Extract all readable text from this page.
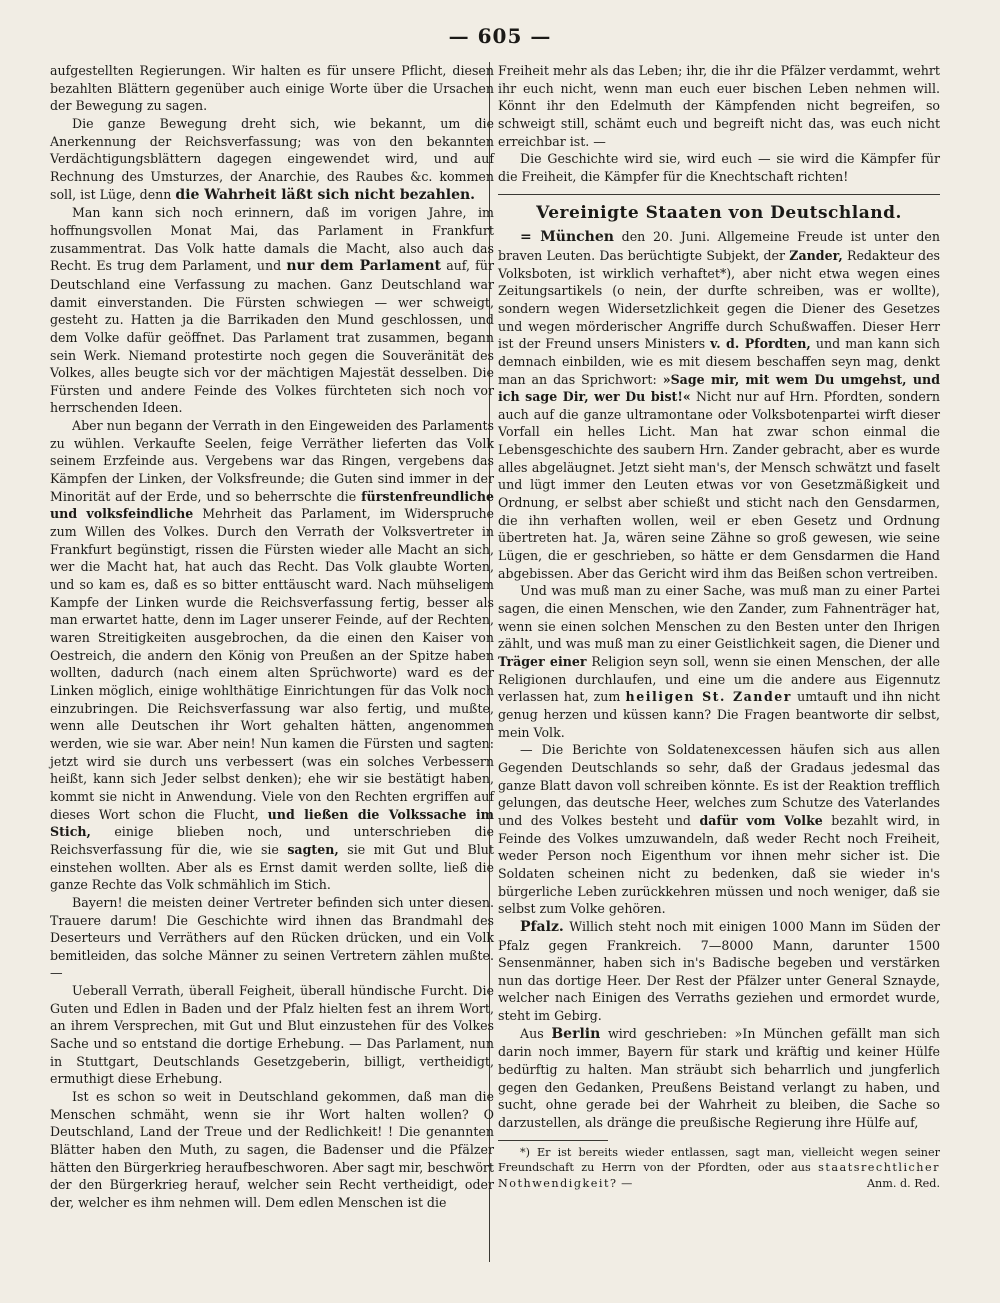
— 605 —

aufgestellten Regierungen. Wir halten es für unsere Pflicht, diesen bezahlten Blättern gegenüber auch einige Worte über die Ursachen der Bewegung zu sagen.

Die ganze Bewegung dreht sich, wie bekannt, um die Anerkennung der Reichsverfassung; was von den bekannten Verdächtigungsblättern dagegen eingewendet wird, und auf Rechnung des Umsturzes, der Anarchie, des Raubes &c. kommen soll, ist Lüge, denn die Wahrheit läßt sich nicht bezahlen.

Man kann sich noch erinnern, daß im vorigen Jahre, im hoffnungsvollen Monat Mai, das Parlament in Frankfurt zusammentrat. Das Volk hatte damals die Macht, also auch das Recht. Es trug dem Parlament, und nur dem Parlament auf, für Deutschland eine Verfassung zu machen. Ganz Deutschland war damit einverstanden. Die Fürsten schwiegen — wer schweigt, gesteht zu. Hatten ja die Barrikaden den Mund geschlossen, und dem Volke dafür geöffnet. Das Parlament trat zusammen, begann sein Werk. Niemand protestirte noch gegen die Souveränität des Volkes, alles beugte sich vor der mächtigen Majestät desselben. Die Fürsten und andere Feinde des Volkes fürchteten sich noch vor herrschenden Ideen.

Aber nun begann der Verrath in den Eingeweiden des Parlaments zu wühlen. Verkaufte Seelen, feige Verräther lieferten das Volk seinem Erzfeinde aus. Vergebens war das Ringen, vergebens das Kämpfen der Linken, der Volksfreunde; die Guten sind immer in der Minorität auf der Erde, und so beherrschte die fürstenfreundliche und volksfeindliche Mehrheit das Parlament, im Widerspruche zum Willen des Volkes. Durch den Verrath der Volksvertreter in Frankfurt begünstigt, rissen die Fürsten wieder alle Macht an sich, wer die Macht hat, hat auch das Recht. Das Volk glaubte Worten, und so kam es, daß es so bitter enttäuscht ward. Nach mühseligem Kampfe der Linken wurde die Reichsverfassung fertig, besser als man erwartet hatte, denn im Lager unserer Feinde, auf der Rechten, waren Streitigkeiten ausgebrochen, da die einen den Kaiser von Oestreich, die andern den König von Preußen an der Spitze haben wollten, dadurch (nach einem alten Sprüchworte) ward es der Linken möglich, einige wohlthätige Einrichtungen für das Volk noch einzubringen. Die Reichsverfassung war also fertig, und mußte, wenn alle Deutschen ihr Wort gehalten hätten, angenommen werden, wie sie war. Aber nein! Nun kamen die Fürsten und sagten: jetzt wird sie durch uns verbessert (was ein solches Verbessern heißt, kann sich Jeder selbst denken); ehe wir sie bestätigt haben, kommt sie nicht in Anwendung. Viele von den Rechten ergriffen auf dieses Wort schon die Flucht, und ließen die Volkssache im Stich, einige blieben noch, und unterschrieben die Reichsverfassung für die, wie sie sagten, sie mit Gut und Blut einstehen wollten. Aber als es Ernst damit werden sollte, ließ die ganze Rechte das Volk schmählich im Stich.

Bayern! die meisten deiner Vertreter befinden sich unter diesen. Trauere darum! Die Geschichte wird ihnen das Brandmahl des Deserteurs und Verräthers auf den Rücken drücken, und ein Volk bemitleiden, das solche Männer zu seinen Vertretern zählen mußte. —

Ueberall Verrath, überall Feigheit, überall hündische Furcht. Die Guten und Edlen in Baden und der Pfalz hielten fest an ihrem Wort, an ihrem Versprechen, mit Gut und Blut einzustehen für des Volkes Sache und so entstand die dortige Erhebung. — Das Parlament, nun in Stuttgart, Deutschlands Gesetzgeberin, billigt, vertheidigt, ermuthigt diese Erhebung.

Ist es schon so weit in Deutschland gekommen, daß man die Menschen schmäht, wenn sie ihr Wort halten wollen? O Deutschland, Land der Treue und der Redlichkeit! ! Die genannten Blätter haben den Muth, zu sagen, die Badenser und die Pfälzer hätten den Bürgerkrieg heraufbeschworen. Aber sagt mir, beschwört der den Bürgerkrieg herauf, welcher sein Recht vertheidigt, oder der, welcher es ihm nehmen will. Dem edlen Menschen ist die

Freiheit mehr als das Leben; ihr, die ihr die Pfälzer verdammt, wehrt ihr euch nicht, wenn man euch euer bischen Leben nehmen will. Könnt ihr den Edelmuth der Kämpfenden nicht begreifen, so schweigt still, schämt euch und begreift nicht das, was euch nicht erreichbar ist. —

Die Geschichte wird sie, wird euch — sie wird die Kämpfer für die Freiheit, die Kämpfer für die Knechtschaft richten!

Vereinigte Staaten von Deutschland.

= München den 20. Juni. Allgemeine Freude ist unter den braven Leuten. Das berüchtigte Subjekt, der Zander, Redakteur des Volksboten, ist wirklich verhaftet*), aber nicht etwa wegen eines Zeitungsartikels (o nein, der durfte schreiben, was er wollte), sondern wegen Widersetzlichkeit gegen die Diener des Gesetzes und wegen mörderischer Angriffe durch Schußwaffen. Dieser Herr ist der Freund unsers Ministers v. d. Pfordten, und man kann sich demnach einbilden, wie es mit diesem beschaffen seyn mag, denkt man an das Sprichwort: »Sage mir, mit wem Du umgehst, und ich sage Dir, wer Du bist!« Nicht nur auf Hrn. Pfordten, sondern auch auf die ganze ultramontane oder Volksbotenpartei wirft dieser Vorfall ein helles Licht. Man hat zwar schon einmal die Lebensgeschichte des saubern Hrn. Zander gebracht, aber es wurde alles abgeläugnet. Jetzt sieht man's, der Mensch schwätzt und faselt und lügt immer den Leuten etwas vor von Gesetzmäßigkeit und Ordnung, er selbst aber schießt und sticht nach den Gensdarmen, die ihn verhaften wollen, weil er eben Gesetz und Ordnung übertreten hat. Ja, wären seine Zähne so groß gewesen, wie seine Lügen, die er geschrieben, so hätte er dem Gensdarmen die Hand abgebissen. Aber das Gericht wird ihm das Beißen schon vertreiben.

Und was muß man zu einer Sache, was muß man zu einer Partei sagen, die einen Menschen, wie den Zander, zum Fahnenträger hat, wenn sie einen solchen Menschen zu den Besten unter den Ihrigen zählt, und was muß man zu einer Geistlichkeit sagen, die Diener und Träger einer Religion seyn soll, wenn sie einen Menschen, der alle Religionen durchlaufen, und eine um die andere aus Eigennutz verlassen hat, zum heiligen St. Zander umtauft und ihn nicht genug herzen und küssen kann? Die Fragen beantworte dir selbst, mein Volk.

— Die Berichte von Soldatenexcessen häufen sich aus allen Gegenden Deutschlands so sehr, daß der Gradaus jedesmal das ganze Blatt davon voll schreiben könnte. Es ist der Reaktion trefflich gelungen, das deutsche Heer, welches zum Schutze des Vaterlandes und des Volkes besteht und dafür vom Volke bezahlt wird, in Feinde des Volkes umzuwandeln, daß weder Recht noch Freiheit, weder Person noch Eigenthum vor ihnen mehr sicher ist. Die Soldaten scheinen nicht zu bedenken, daß sie wieder in's bürgerliche Leben zurückkehren müssen und noch weniger, daß sie selbst zum Volke gehören.

Pfalz. Willich steht noch mit einigen 1000 Mann im Süden der Pfalz gegen Frankreich. 7—8000 Mann, darunter 1500 Sensenmänner, haben sich in's Badische begeben und verstärken nun das dortige Heer. Der Rest der Pfälzer unter General Sznayde, welcher nach Einigen des Verraths geziehen und ermordet wurde, steht im Gebirg.

Aus Berlin wird geschrieben: »In München gefällt man sich darin noch immer, Bayern für stark und kräftig und keiner Hülfe bedürftig zu halten. Man sträubt sich beharrlich und jungferlich gegen den Gedanken, Preußens Beistand verlangt zu haben, und sucht, ohne gerade bei der Wahrheit zu bleiben, die Sache so darzustellen, als dränge die preußische Regierung ihre Hülfe auf,

*) Er ist bereits wieder entlassen, sagt man, vielleicht wegen seiner Freundschaft zu Herrn von der Pfordten, oder aus staatsrechtlicher Nothwendigkeit? —	Anm. d. Red.
